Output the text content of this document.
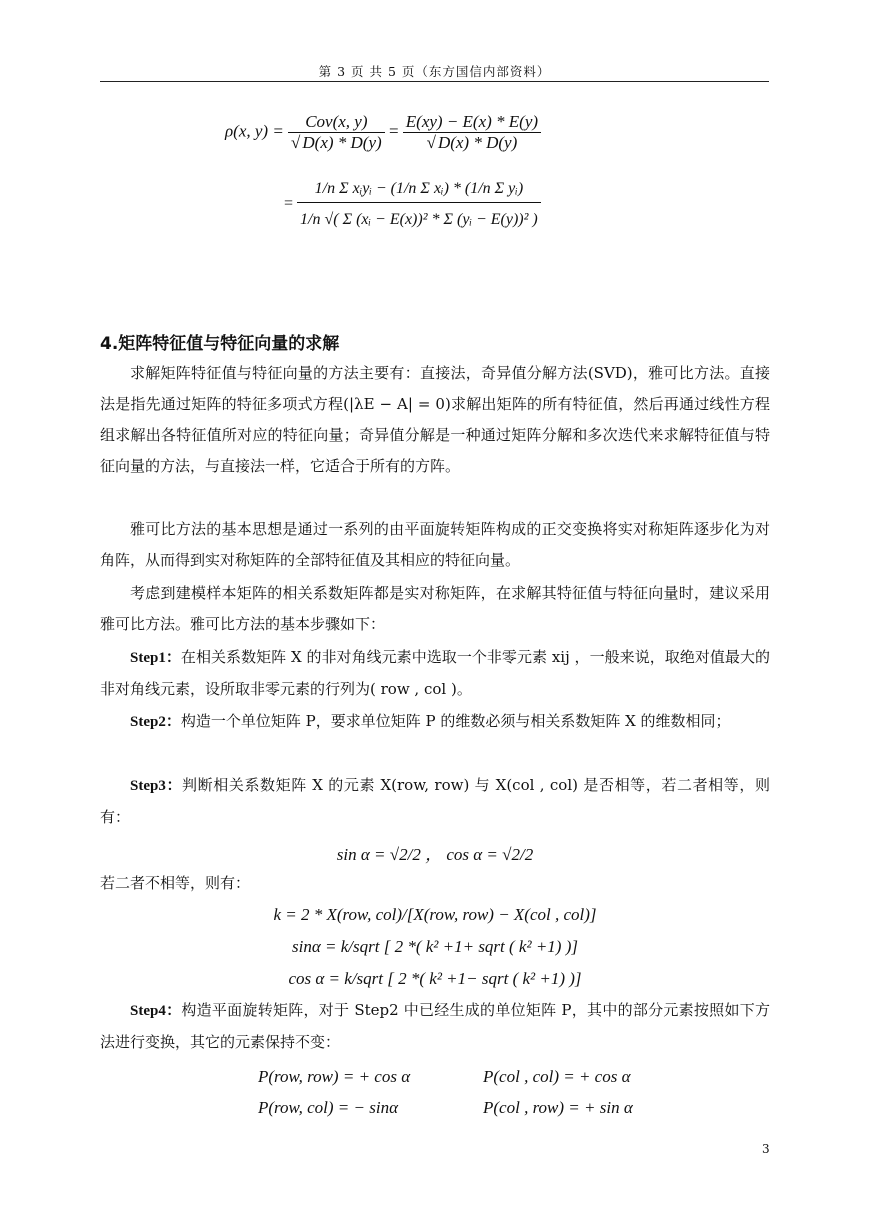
第 3 页 共 5 页（东方国信内部资料）
ρ(x, $y) = \frac{\text{Cov(x, y)}}{√ D(x) * D(y)} = \frac{E(xy) - E(x) * E(y)}{√ D(x) * D(y)}$
= $\frac{\text{1/n Σ xᵢyᵢ − (1/n Σ xᵢ) * (1/n Σ yᵢ)}}{\text{1/n √( Σ (xᵢ − E(x))² * Σ (yᵢ − E(y))² )}}$
4.矩阵特征值与特征向量的求解
求解矩阵特征值与特征向量的方法主要有：直接法，奇异值分解方法(SVD)，雅可比方法。直接法是指先通过矩阵的特征多项式方程(|λE − A| = 0)求解出矩阵的所有特征值，然后再通过线性方程组求解出各特征值所对应的特征向量；奇异值分解是一种通过矩阵分解和多次迭代来求解特征值与特征向量的方法，与直接法一样，它适合于所有的方阵。
雅可比方法的基本思想是通过一系列的由平面旋转矩阵构成的正交变换将实对称矩阵逐步化为对角阵，从而得到实对称矩阵的全部特征值及其相应的特征向量。
考虑到建模样本矩阵的相关系数矩阵都是实对称矩阵，在求解其特征值与特征向量时，建议采用雅可比方法。雅可比方法的基本步骤如下：
Step1：在相关系数矩阵 X 的非对角线元素中选取一个非零元素 xij ，一般来说，取绝对值最大的非对角线元素，设所取非零元素的行列为( row , col )。
Step2：构造一个单位矩阵 P，要求单位矩阵 P 的维数必须与相关系数矩阵 X 的维数相同；
Step3：判断相关系数矩阵 X 的元素 X(row, row) 与 X(col , col) 是否相等，若二者相等，则有：
sin α = √2/2 ， cos α = √2/2
若二者不相等，则有：
k = 2 * X(row, col)/[X(row, row) − X(col , col)]
sinα = k/sqrt [ 2 *( k² +1+ sqrt ( k² +1) )]
cos α = k/sqrt [ 2 *( k² +1− sqrt ( k² +1) )]
Step4：构造平面旋转矩阵，对于 Step2 中已经生成的单位矩阵 P，其中的部分元素按照如下方法进行变换，其它的元素保持不变：
P(row, row) = + cos α	P(col , col) = + cos α
P(row, col) = − sinα	P(col , row) = + sin α
3
